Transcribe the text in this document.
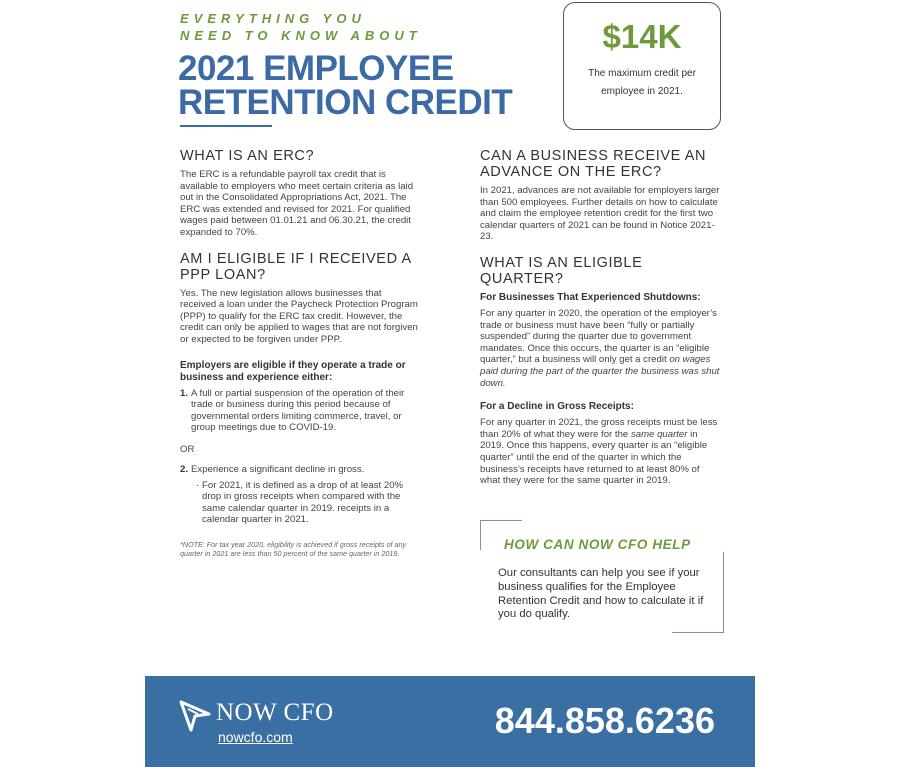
EVERYTHING YOU
NEED TO KNOW ABOUT
2021 EMPLOYEE
RETENTION CREDIT
$14K
The maximum credit per employee in 2021.
WHAT IS AN ERC?

The ERC is a refundable payroll tax credit that is available to employers who meet certain criteria as laid out in the Consolidated Appropriations Act, 2021. The ERC was extended and revised for 2021. For qualified wages paid between 01.01.21 and 06.30.21, the credit expanded to 70%.

AM I ELIGIBLE IF I RECEIVED A PPP LOAN?

Yes. The new legislation allows businesses that received a loan under the Paycheck Protection Program (PPP) to qualify for the ERC tax credit. However, the credit can only be applied to wages that are not forgiven or expected to be forgiven under PPP.

Employers are eligible if they operate a trade or business and experience either:
1. A full or partial suspension of the operation of their trade or business during this period because of governmental orders limiting commerce, travel, or group meetings due to COVID-19.
OR
2. Experience a significant decline in gross.
· For 2021, it is defined as a drop of at least 20% drop in gross receipts when compared with the same calendar quarter in 2019. receipts in a calendar quarter in 2021.
*NOTE: For tax year 2020, eligibility is achieved if gross receipts of any quarter in 2021 are less than 50 percent of the same quarter in 2019.
CAN A BUSINESS RECEIVE AN ADVANCE ON THE ERC?

In 2021, advances are not available for employers larger than 500 employees. Further details on how to calculate and claim the employee retention credit for the first two calendar quarters of 2021 can be found in Notice 2021-23.

WHAT IS AN ELIGIBLE QUARTER?
For Businesses That Experienced Shutdowns:

For any quarter in 2020, the operation of the employer’s trade or business must have been “fully or partially suspended” during the quarter due to government mandates. Once this occurs, the quarter is an “eligible quarter,” but a business will only get a credit on wages paid during the part of the quarter the business was shut down.

For a Decline in Gross Receipts:

For any quarter in 2021, the gross receipts must be less than 20% of what they were for the same quarter in 2019. Once this happens, every quarter is an “eligible quarter” until the end of the quarter in which the business’s receipts have returned to at least 80% of what they were for the same quarter in 2019.

HOW CAN NOW CFO HELP
Our consultants can help you see if your business qualifies for the Employee Retention Credit and how to calculate it if you do qualify.
NOW CFO
nowcfo.com	844.858.6236
